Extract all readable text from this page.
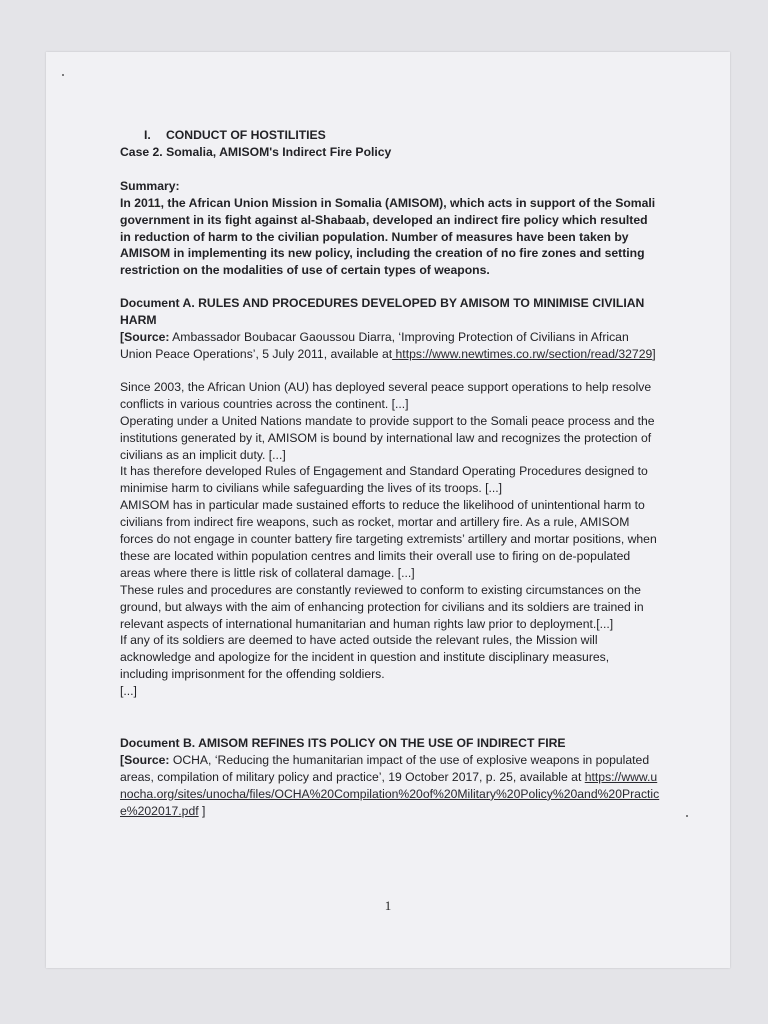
I. CONDUCT OF HOSTILITIES

Case 2. Somalia, AMISOM's Indirect Fire Policy

Summary:

In 2011, the African Union Mission in Somalia (AMISOM), which acts in support of the Somali government in its fight against al-Shabaab, developed an indirect fire policy which resulted in reduction of harm to the civilian population. Number of measures have been taken by AMISOM in implementing its new policy, including the creation of no fire zones and setting restriction on the modalities of use of certain types of weapons.

Document A. RULES AND PROCEDURES DEVELOPED BY AMISOM TO MINIMISE CIVILIAN HARM

[Source: Ambassador Boubacar Gaoussou Diarra, ‘Improving Protection of Civilians in African Union Peace Operations’, 5 July 2011, available at https://www.newtimes.co.rw/section/read/32729]

Since 2003, the African Union (AU) has deployed several peace support operations to help resolve conflicts in various countries across the continent. [...]

Operating under a United Nations mandate to provide support to the Somali peace process and the institutions generated by it, AMISOM is bound by international law and recognizes the protection of civilians as an implicit duty. [...]

It has therefore developed Rules of Engagement and Standard Operating Procedures designed to minimise harm to civilians while safeguarding the lives of its troops. [...]

AMISOM has in particular made sustained efforts to reduce the likelihood of unintentional harm to civilians from indirect fire weapons, such as rocket, mortar and artillery fire. As a rule, AMISOM forces do not engage in counter battery fire targeting extremists’ artillery and mortar positions, when these are located within population centres and limits their overall use to firing on de-populated areas where there is little risk of collateral damage. [...]

These rules and procedures are constantly reviewed to conform to existing circumstances on the ground, but always with the aim of enhancing protection for civilians and its soldiers are trained in relevant aspects of international humanitarian and human rights law prior to deployment.[...]

If any of its soldiers are deemed to have acted outside the relevant rules, the Mission will acknowledge and apologize for the incident in question and institute disciplinary measures, including imprisonment for the offending soldiers.

[...]

Document B. AMISOM REFINES ITS POLICY ON THE USE OF INDIRECT FIRE

[Source: OCHA, ‘Reducing the humanitarian impact of the use of explosive weapons in populated areas, compilation of military policy and practice’, 19 October 2017, p. 25, available at https://www.unocha.org/sites/unocha/files/OCHA%20Compilation%20of%20Military%20Policy%20and%20Practice%202017.pdf ]

1
